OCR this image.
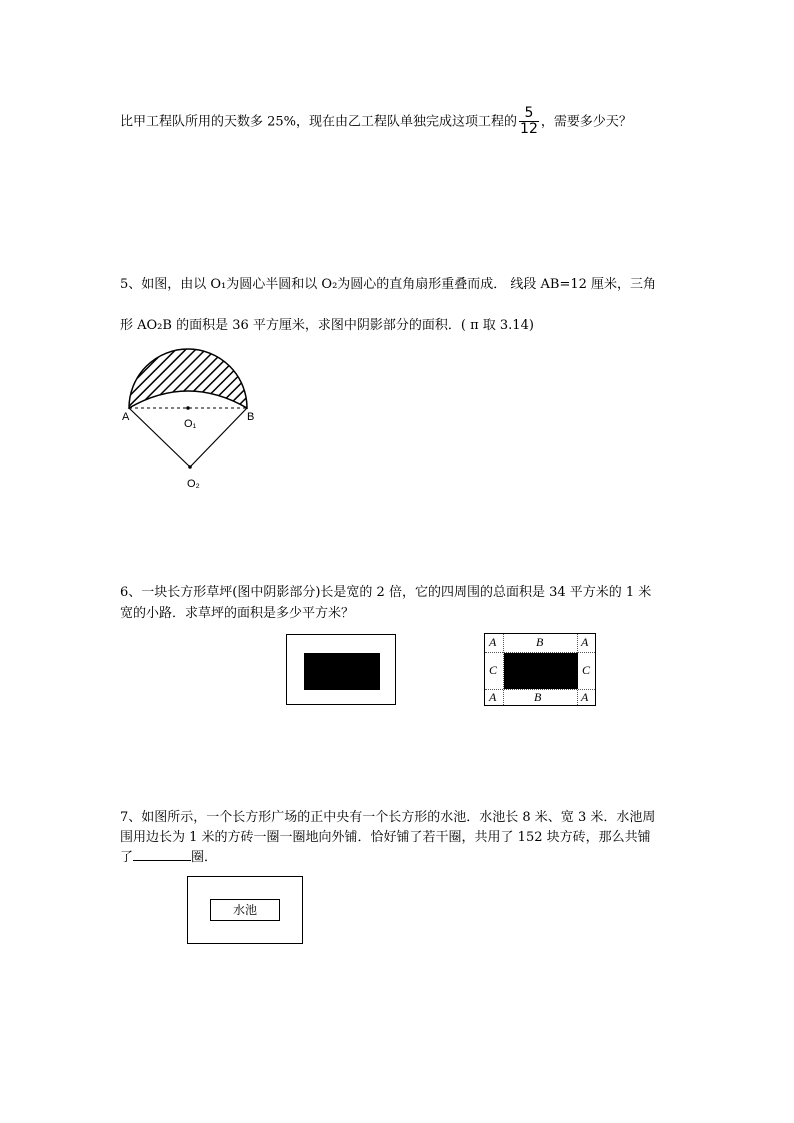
比甲工程队所用的天数多 25%，现在由乙工程队单独完成这项工程的 $\frac{5}{12}$ ，需要多少天？
5、如图，由以 O₁为圆心半圆和以 O₂为圆心的直角扇形重叠而成． 线段 AB=12 厘米，三角
形 AO₂B 的面积是 36 平方厘米，求图中阴影部分的面积．( π 取 3.14)
A	B
O₁
O₂
6、一块长方形草坪(图中阴影部分)长是宽的 2 倍，它的四周围的总面积是 34 平方米的 1 米
宽的小路．求草坪的面积是多少平方米？
A	B	A
C	C
A	B	A
7、如图所示，一个长方形广场的正中央有一个长方形的水池．水池长 8 米、宽 3 米．水池周
围用边长为 1 米的方砖一圈一圈地向外铺．恰好铺了若干圈，共用了 152 块方砖，那么共铺
了	圈．
水池
